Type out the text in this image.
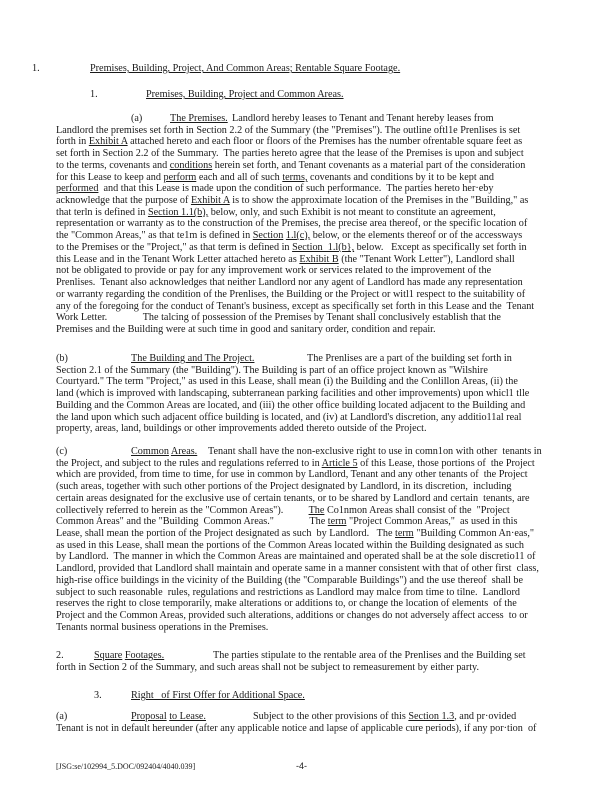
1.	Premises, Building, Project, And Common Areas; Rentable Square Footage.
1.	Premises, Building, Project and Common Areas.
(a)	The Premises. Landlord hereby leases to Tenant and Tenant hereby leases from
Landlord the premises set forth in Section 2.2 of the Summary (the "Premises"). The outline oftl1e Prenlises is set
forth in Exhibit A attached hereto and each floor or floors of the Premises has the number ofrentable square feet as
set forth in Section 2.2 of the Summary.  The parties hereto agree that the lease of the Premises is upon and subject
to the terms, covenants and conditions herein set forth, and Tenant covenants as a material part of the consideration
for this Lease to keep and perform each and all of such terms, covenants and conditions by it to be kept and
performed  and that this Lease is made upon the condition of such performance.  The parties hereto her·eby
acknowledge that the purpose of Exhibit A is to show the approximate location of the Premises in the "Building," as
that terln is defined in Section 1.1(b), below, only, and such Exhibit is not meant to constitute an agreement,
representation or warranty as to the construction of the Premises, the precise area thereof, or the specific location of
the "Common Areas," as that te1m is defined in Section 1.l(c), below, or the elements thereof or of the accessways
to the Premises or the "Project," as that term is defined in Section  1.l(b}, below.   Except as specifically set forth in
this Lease and in the Tenant Work Letter attached hereto as Exhibit B (the "Tenant Work Letter"), Landlord shall
not be obligated to provide or pay for any improvement work or services related to the improvement of the
Prenlises.  Tenant also acknowledges that neither Landlord nor any agent of Landlord has made any representation
or warranty regarding the condition of the Prenlises, the Building or the Project or witl1 respect to the suitability of
any of the foregoing for the conduct of Tenant's business, except as specifically set forth in this Lease and the  Tenant
Work Letter.              The talcing of possession of the Premises by Tenant shall conclusively establish that the
Premises and the Building were at such time in good and sanitary order, condition and repair.
(b)	The Building and The Project.	The Prenlises are a part of the building set forth in
Section 2.1 of the Summary (the "Building"). The Building is part of an office project known as "Wilshire
Courtyard." The term "Project," as used in this Lease, shall mean (i) the Building and the Conlillon Areas, (ii) the
land (which is improved with landscaping, subterranean parking facilities and other improvements) upon whicl1 tlle
Building and the Common Areas are located, and (iii) the other office building located adjacent to the Building and
the land upon which such adjacent office building is located, and (iv) at Landlord's discretion, any additio11al real
property, areas, land, buildings or other improvements added thereto outside of the Project.
(c)	Common Areas. Tenant shall have the non-exclusive right to use in comn1on with other  tenants in
the Project, and subject to the rules and regulations referred to in Article 5 of this Lease, those portions of  the Project
which are provided, from time to time, for use in common by Landlord, Tenant and any other tenants of  the Project
(such areas, together with such other portions of the Project designated by Landlord, in its discretion,  including
certain areas designated for the exclusive use of certain tenants, or to be shared by Landlord and certain  tenants, are
collectively referred to herein as the "Common Areas").          The Co1nmon Areas shall consist of the  "Project
Common Areas" and the "Building  Common Areas."              The term "Project Common Areas,"  as used in this
Lease, shall mean the portion of the Project designated as such  by Landlord.   The term "Building Common An·eas,"
as used in this Lease, shall mean the portions of the Common Areas located within the Building designated as such
by Landlord.  The manner in which the Common Areas are maintained and operated shall be at the sole discretio11 of
Landlord, provided that Landlord shall maintain and operate same in a manner consistent with that of other first  class,
high-rise office buildings in the vicinity of the Building (the "Comparable Buildings") and the use thereof  shall be
subject to such reasonable  rules, regulations and restrictions as Landlord may malce from time to tilne.  Landlord
reserves the right to close temporarily, make alterations or additions to, or change the location of elements  of the
Project and the Common Areas, provided such alterations, additions or changes do not adversely affect access  to or
Tenants normal business operations in the Premises.
2.	Square Footages.	The parties stipulate to the rentable area of the Prenlises and the Building set
forth in Section 2 of the Summary, and such areas shall not be subject to remeasurement by either party.
3.	Right_ of First Offer for Additional Space.
(a)	Proposal to Lease.	Subject to the other provisions of this Section 1.3, and pr·ovided
Tenant is not in default hereunder (after any applicable notice and lapse of applicable cure periods), if any por·tion  of
[JSG:se/102994_5.DOC/092404/4040.039]	-4-
